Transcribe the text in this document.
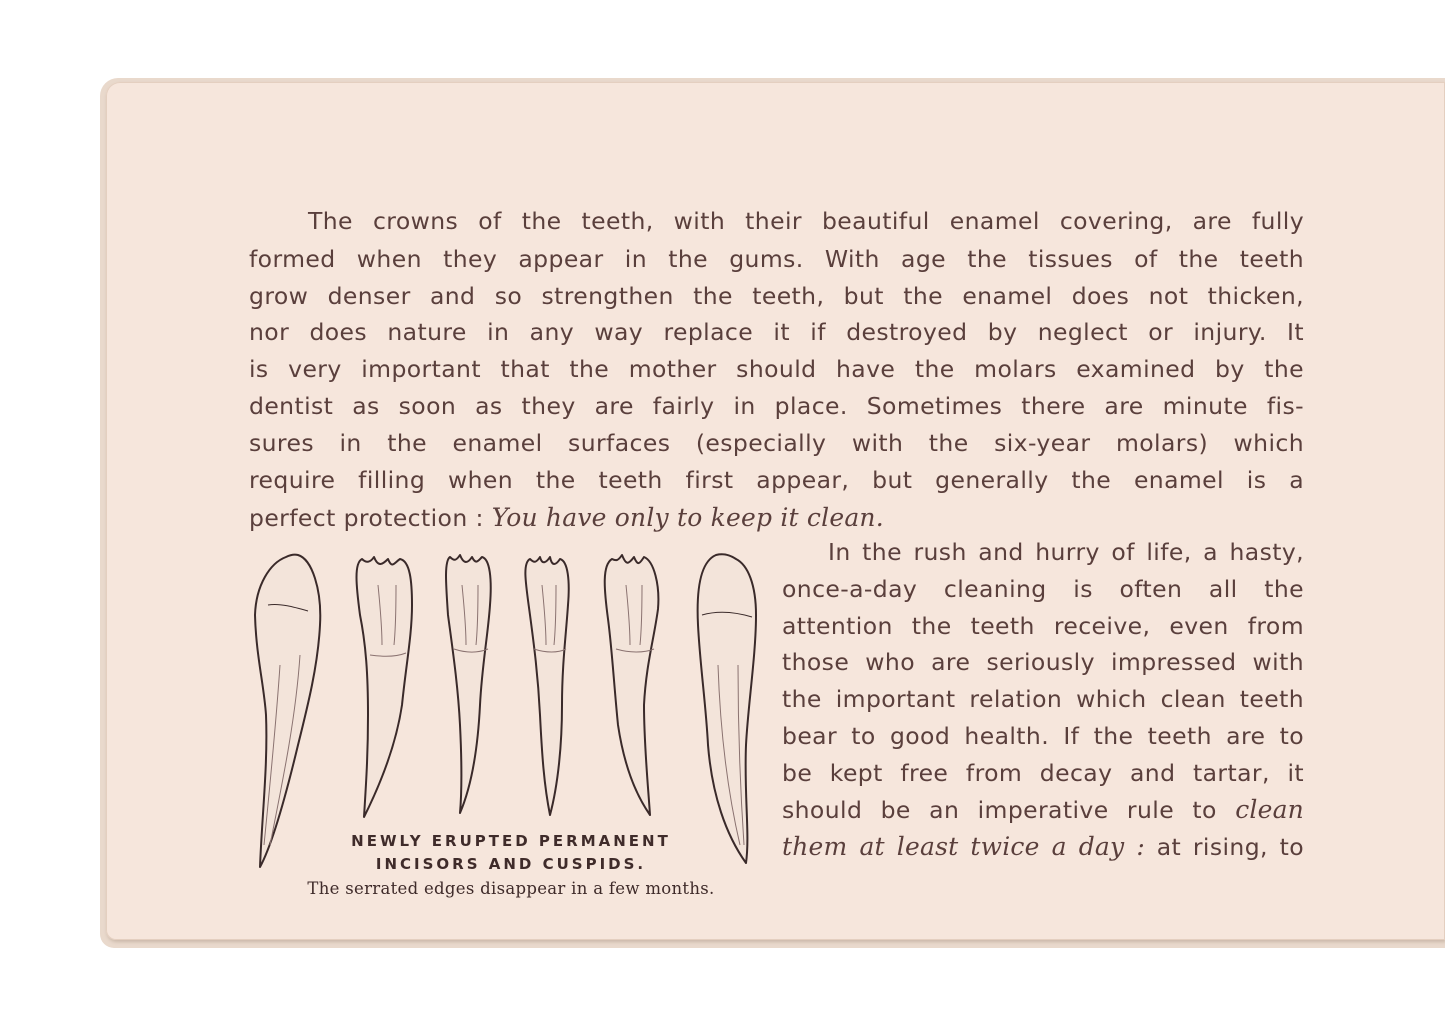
The crowns of the teeth, with their beautiful enamel covering, are fully
formed when they appear in the gums. With age the tissues of the teeth
grow denser and so strengthen the teeth, but the enamel does not thicken,
nor does nature in any way replace it if destroyed by neglect or injury. It
is very important that the mother should have the molars examined by the
dentist as soon as they are fairly in place. Sometimes there are minute fis-
sures in the enamel surfaces (especially with the six-year molars) which
require filling when the teeth first appear, but generally the enamel is a
perfect protection : You have only to keep it clean.
In the rush and hurry of life, a hasty,
once-a-day cleaning is often all the
attention the teeth receive, even from
those who are seriously impressed with
the important relation which clean teeth
bear to good health. If the teeth are to
be kept free from decay and tartar, it
should be an imperative rule to clean
them at least twice a day : at rising, to
NEWLY ERUPTED PERMANENT
INCISORS AND CUSPIDS.
The serrated edges disappear in a few months.
